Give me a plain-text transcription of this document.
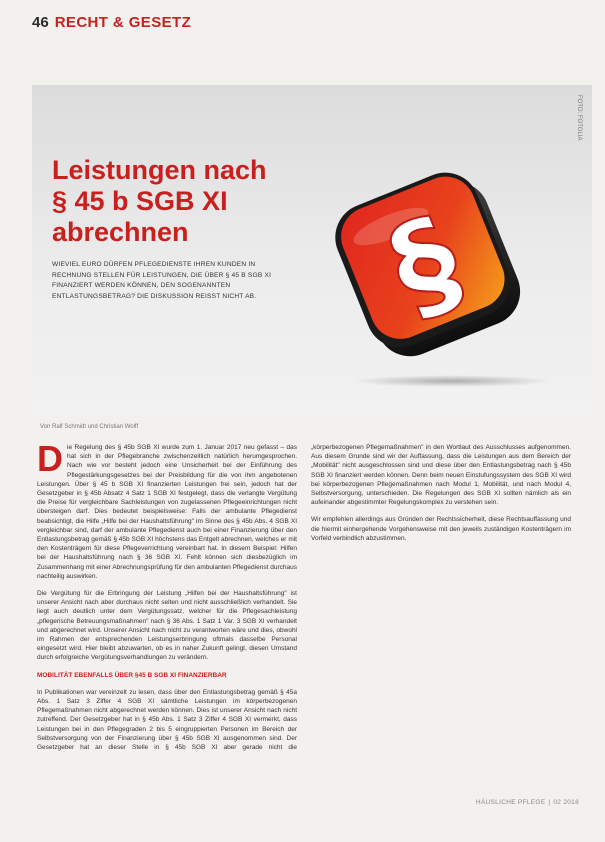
46 RECHT & GESETZ
FOTO: FOTOLIA
Leistungen nach
§ 45 b SGB XI
abrechnen

WIEVIEL EURO DÜRFEN PFLEGEDIENSTE IHREN KUNDEN IN RECHNUNG STELLEN FÜR LEISTUNGEN, DIE ÜBER § 45 B SGB XI FINANZIERT WERDEN KÖNNEN, DEN SOGENANNTEN ENTLASTUNGSBETRAG? DIE DISKUSSION REISST NICHT AB. §
Von Ralf Schmidt und Christian Wolff

Die Regelung des § 45b SGB XI wurde zum 1. Januar 2017 neu gefasst – das hat sich in der Pflegebranche zwischenzeitlich natürlich herumgesprochen. Nach wie vor besteht jedoch eine Unsicherheit bei der Einführung des Pflegestärkungsgesetzes bei der Preisbildung für die von ihm angebotenen Leistungen. Über § 45 b SGB XI finanzierten Leistungen frei sein, jedoch hat der Gesetzgeber in § 45b Absatz 4 Satz 1 SGB XI festgelegt, dass die verlangte Vergütung die Preise für vergleichbare Sachleistungen von zugelassenen Pflegeeinrichtungen nicht übersteigen darf. Dies bedeutet beispielsweise: Falls der ambulante Pflegedienst beabsichtigt, die Hilfe „Hilfe bei der Haushaltsführung" im Sinne des § 45b Abs. 4 SGB XI vergleichbar sind, darf der ambulante Pflegedienst auch bei einer Finanzierung über den Entlastungsbetrag gemäß § 45b SGB XI höchstens das Entgelt abrechnen, welches er mit den Kostenträgern für diese Pflegeverrichtung vereinbart hat. In diesem Beispiel: Hilfen bei der Haushaltsführung nach § 36 SGB XI. Fehlt können sich diesbezüglich im Zusammenhang mit einer Abrechnungsprüfung für den ambulanten Pflegedienst durchaus nachteilig auswirken.

Die Vergütung für die Erbringung der Leistung „Hilfen bei der Haushaltsführung" ist unserer Ansicht nach aber durchaus nicht selten und nicht ausschließlich verhandelt. Sie liegt auch deutlich unter dem Vergütungssatz, welcher für die Pflegesachleistung „pflegerische Betreuungsmaßnahmen" nach § 36 Abs. 1 Satz 1 Var. 3 SGB XI verhandelt und abgerechnet wird. Unserer Ansicht nach nicht zu verantworten wäre und dies, obwohl im Rahmen der entsprechenden Leistungserbringung oftmals dasselbe Personal eingesetzt wird. Hier bleibt abzuwarten, ob es in naher Zukunft gelingt, diesen Umstand durch erfolgreiche Vergütungsverhandlungen zu verändern.

MOBILITÄT EBENFALLS ÜBER §45 B SGB XI FINANZIERBAR

In Publikationen war vereinzelt zu lesen, dass über den Entlastungsbetrag gemäß § 45a Abs. 1 Satz 3 Ziffer 4 SGB XI sämtliche Leistungen im körperbezogenen Pflegemaßnahmen nicht abgerechnet werden können. Dies ist unserer Ansicht nach nicht zutreffend. Der Gesetzgeber hat in § 45b Abs. 1 Satz 3 Ziffer 4 SGB XI vermerkt, dass Leistungen bei in den Pflegegraden 2 bis 5 eingruppierten Personen im Bereich der Selbstversorgung von der Finanzierung über § 45b SGB XI ausgenommen sind. Der Gesetzgeber hat an dieser Stelle in § 45b SGB XI aber gerade nicht die „körperbezogenen Pflegemaßnahmen" in den Wortlaut des Ausschlusses aufgenommen. Aus diesem Grunde sind wir der Auffassung, dass die Leistungen aus dem Bereich der „Mobilität" nicht ausgeschlossen sind und diese über den Entlastungsbetrag nach § 45b SGB XI finanziert werden können. Denn beim neuen Einstufungssystem des SGB XI wird bei körperbezogenen Pflegemaßnahmen nach Modul 1, Mobilität, und nach Modul 4, Selbstversorgung, unterschieden. Die Regelungen des SGB XI sollten nämlich als ein aufeinander abgestimmter Regelungskomplex zu verstehen sein.

Wir empfehlen allerdings aus Gründen der Rechtssicherheit, diese Rechtsauffassung und die hiermit einhergehende Vorgehensweise mit den jeweils zuständigen Kostenträgern im Vorfeld verbindlich abzustimmen.

HÄUSLICHE PFLEGE | 02 2018
